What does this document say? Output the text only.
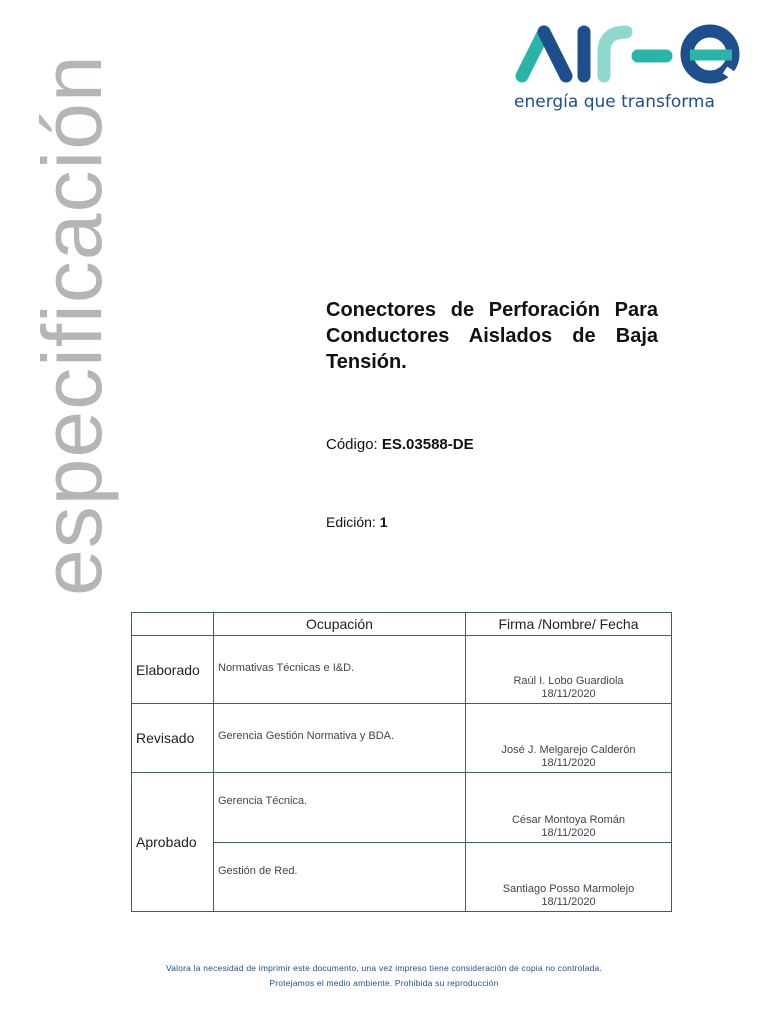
especificación	energía que transforma
Conectores de Perforación Para Conductores Aislados de Baja Tensión.
Código: ES.03588-DE
Edición: 1
	Ocupación	Firma /Nombre/ Fecha
Elaborado	Normativas Técnicas e I&D.	Raúl I. Lobo Guardiola
18/11/2020

Revisado	Gerencia Gestión Normativa y BDA.	José J. Melgarejo Calderón
18/11/2020

Aprobado	Gerencia Técnica.	César Montoya Román
18/11/2020

	Gestión de Red.	Santiago Posso Marmolejo
18/11/2020
Valora la necesidad de imprimir este documento, una vez impreso tiene consideración de copia no controlada.
Protejamos el medio ambiente. Prohibida su reproducción
